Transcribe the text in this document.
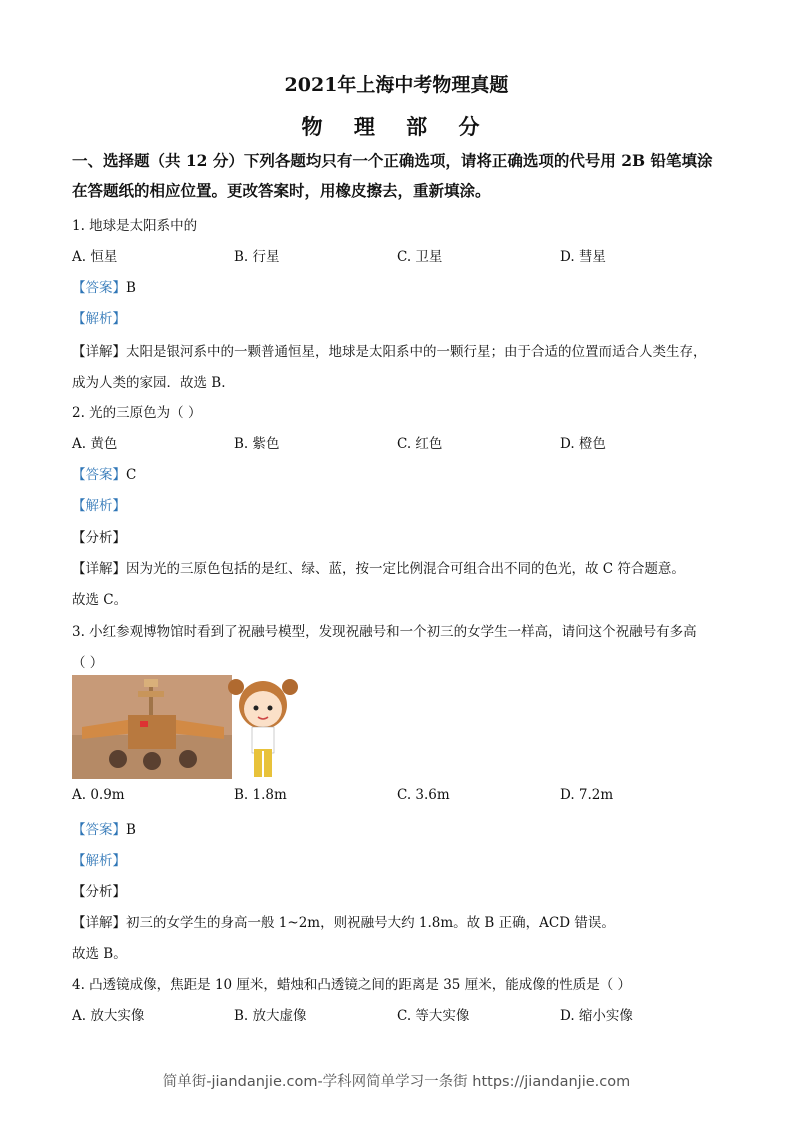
2021年上海中考物理真题
物 理 部 分
一、选择题（共 12 分）下列各题均只有一个正确选项，请将正确选项的代号用 2B 铅笔填涂
在答题纸的相应位置。更改答案时，用橡皮擦去，重新填涂。
1. 地球是太阳系中的
A. 恒星	B. 行星	C. 卫星	D. 彗星
【答案】B
【解析】
【详解】太阳是银河系中的一颗普通恒星，地球是太阳系中的一颗行星；由于合适的位置而适合人类生存，
成为人类的家园．故选 B.
2. 光的三原色为（ ）
A. 黄色	B. 紫色	C. 红色	D. 橙色
【答案】C
【解析】
【分析】
【详解】因为光的三原色包括的是红、绿、蓝，按一定比例混合可组合出不同的色光，故 C 符合题意。
故选 C。
3. 小红参观博物馆时看到了祝融号模型，发现祝融号和一个初三的女学生一样高，请问这个祝融号有多高
（ ）
A. 0.9m	B. 1.8m	C. 3.6m	D. 7.2m
【答案】B
【解析】
【分析】
【详解】初三的女学生的身高一般 1~2m，则祝融号大约 1.8m。故 B 正确，ACD 错误。
故选 B。
4. 凸透镜成像，焦距是 10 厘米，蜡烛和凸透镜之间的距离是 35 厘米，能成像的性质是（ ）
A. 放大实像	B. 放大虚像	C. 等大实像	D. 缩小实像
简单街-jiandanjie.com-学科网简单学习一条街 https://jiandanjie.com
